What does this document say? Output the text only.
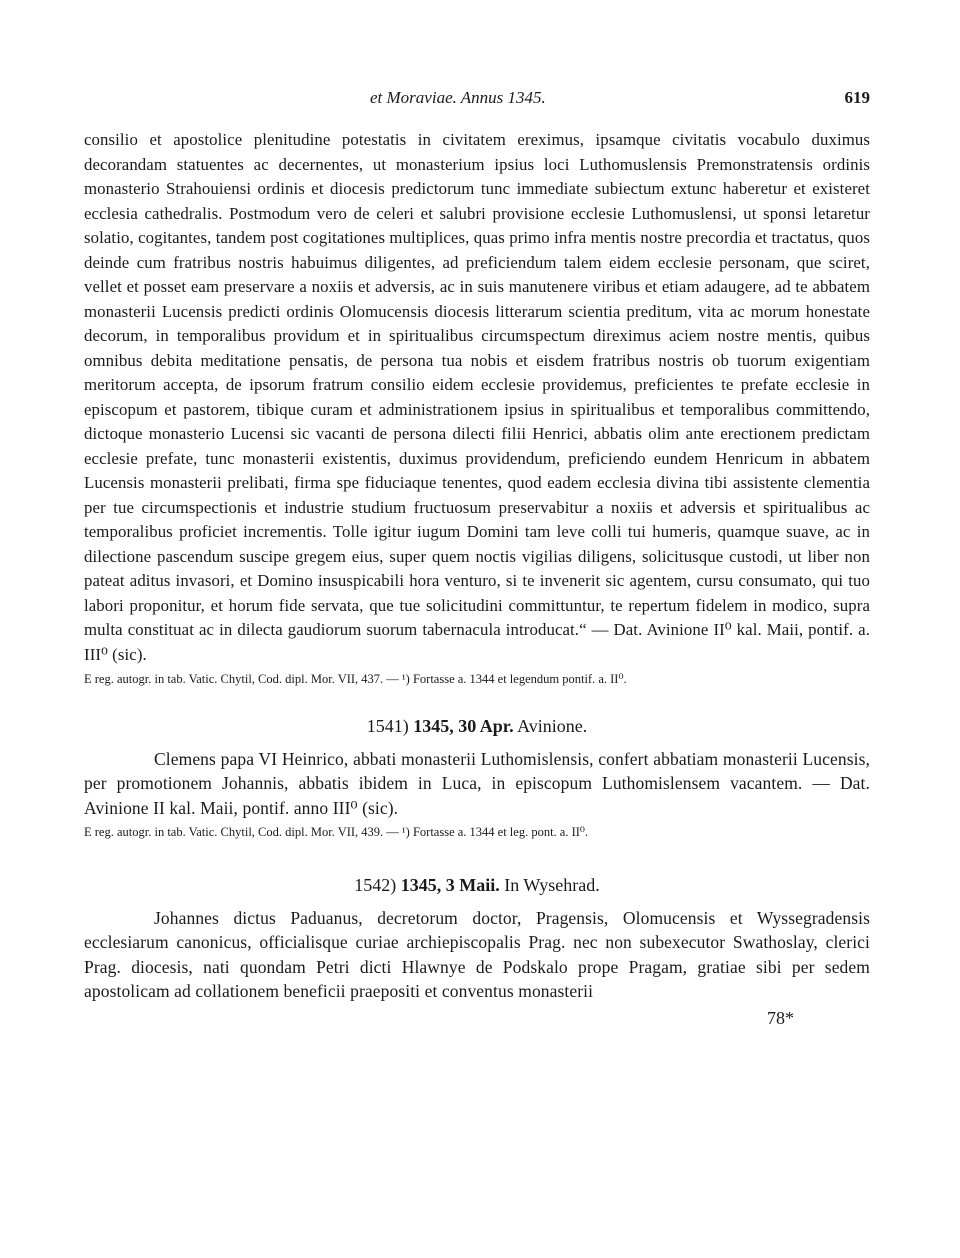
et Moraviae. Annus 1345.	619

consilio et apostolice plenitudine potestatis in civitatem ereximus, ipsamque civitatis vocabulo duximus decorandam statuentes ac decernentes, ut monasterium ipsius loci Luthomuslensis Premonstratensis ordinis monasterio Strahouiensi ordinis et diocesis predictorum tunc immediate subiectum extunc haberetur et existeret ecclesia cathedralis. Postmodum vero de celeri et salubri provisione ecclesie Luthomuslensi, ut sponsi letaretur solatio, cogitantes, tandem post cogitationes multiplices, quas primo infra mentis nostre precordia et tractatus, quos deinde cum fratribus nostris habuimus diligentes, ad preficiendum talem eidem ecclesie personam, que sciret, vellet et posset eam preservare a noxiis et adversis, ac in suis manutenere viribus et etiam adaugere, ad te abbatem monasterii Lucensis predicti ordinis Olomucensis diocesis litterarum scientia preditum, vita ac morum honestate decorum, in temporalibus providum et in spiritualibus circumspectum direximus aciem nostre mentis, quibus omnibus debita meditatione pensatis, de persona tua nobis et eisdem fratribus nostris ob tuorum exigentiam meritorum accepta, de ipsorum fratrum consilio eidem ecclesie providemus, preficientes te prefate ecclesie in episcopum et pastorem, tibique curam et administrationem ipsius in spiritualibus et temporalibus committendo, dictoque monasterio Lucensi sic vacanti de persona dilecti filii Henrici, abbatis olim ante erectionem predictam ecclesie prefate, tunc monasterii existentis, duximus providendum, preficiendo eundem Henricum in abbatem Lucensis monasterii prelibati, firma spe fiduciaque tenentes, quod eadem ecclesia divina tibi assistente clementia per tue circumspectionis et industrie studium fructuosum preservabitur a noxiis et adversis et spiritualibus ac temporalibus proficiet incrementis. Tolle igitur iugum Domini tam leve colli tui humeris, quamque suave, ac in dilectione pascendum suscipe gregem eius, super quem noctis vigilias diligens, solicitusque custodi, ut liber non pateat aditus invasori, et Domino insuspicabili hora venturo, si te invenerit sic agentem, cursu consumato, qui tuo labori proponitur, et horum fide servata, que tue solicitudini committuntur, te repertum fidelem in modico, supra multa constituat ac in dilecta gaudiorum suorum tabernacula introducat.“ — Dat. Avinione II⁰ kal. Maii, pontif. a. III⁰ (sic).

E reg. autogr. in tab. Vatic. Chytil, Cod. dipl. Mor. VII, 437. — ¹) Fortasse a. 1344 et legendum pontif. a. II⁰.

1541) 1345, 30 Apr. Avinione.

Clemens papa VI Heinrico, abbati monasterii Luthomislensis, confert abbatiam monasterii Lucensis, per promotionem Johannis, abbatis ibidem in Luca, in episcopum Luthomislensem vacantem. — Dat. Avinione II kal. Maii, pontif. anno III⁰ (sic).

E reg. autogr. in tab. Vatic. Chytil, Cod. dipl. Mor. VII, 439. — ¹) Fortasse a. 1344 et leg. pont. a. II⁰.

1542) 1345, 3 Maii. In Wysehrad.

Johannes dictus Paduanus, decretorum doctor, Pragensis, Olomucensis et Wyssegradensis ecclesiarum canonicus, officialisque curiae archiepiscopalis Prag. nec non subexecutor Swathoslay, clerici Prag. diocesis, nati quondam Petri dicti Hlawnye de Podskalo prope Pragam, gratiae sibi per sedem apostolicam ad collationem beneficii praepositi et conventus monasterii

78*
